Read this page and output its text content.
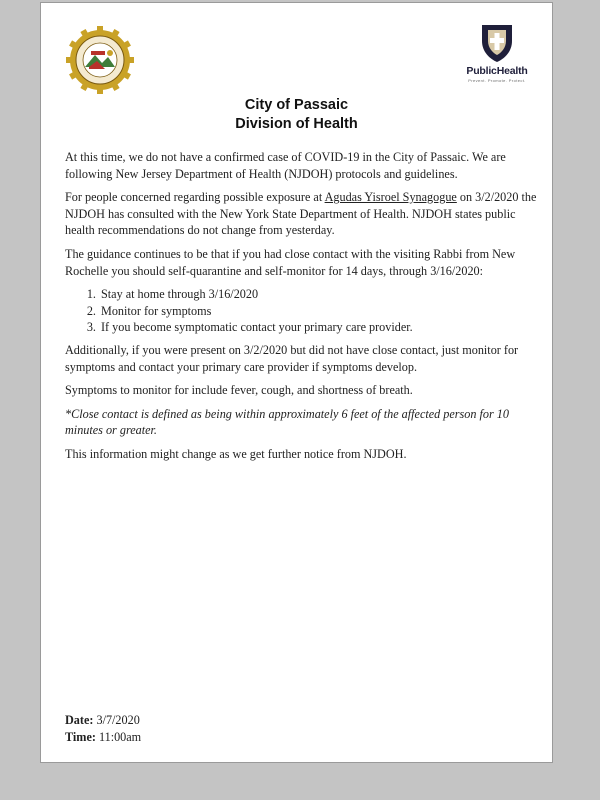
PublicHealth
Prevent. Promote. Protect.
City of Passaic
Division of Health

At this time, we do not have a confirmed case of COVID-19 in the City of Passaic. We are following New Jersey Department of Health (NJDOH) protocols and guidelines.

For people concerned regarding possible exposure at Agudas Yisroel Synagogue on 3/2/2020 the NJDOH has consulted with the New York State Department of Health. NJDOH states public health recommendations do not change from yesterday.

The guidance continues to be that if you had close contact with the visiting Rabbi from New Rochelle you should self-quarantine and self-monitor for 14 days, through 3/16/2020:

1. Stay at home through 3/16/2020
2. Monitor for symptoms
3. If you become symptomatic contact your primary care provider.

Additionally, if you were present on 3/2/2020 but did not have close contact, just monitor for symptoms and contact your primary care provider if symptoms develop.

Symptoms to monitor for include fever, cough, and shortness of breath.

*Close contact is defined as being within approximately 6 feet of the affected person for 10 minutes or greater.

This information might change as we get further notice from NJDOH.

Date: 3/7/2020
Time: 11:00am
